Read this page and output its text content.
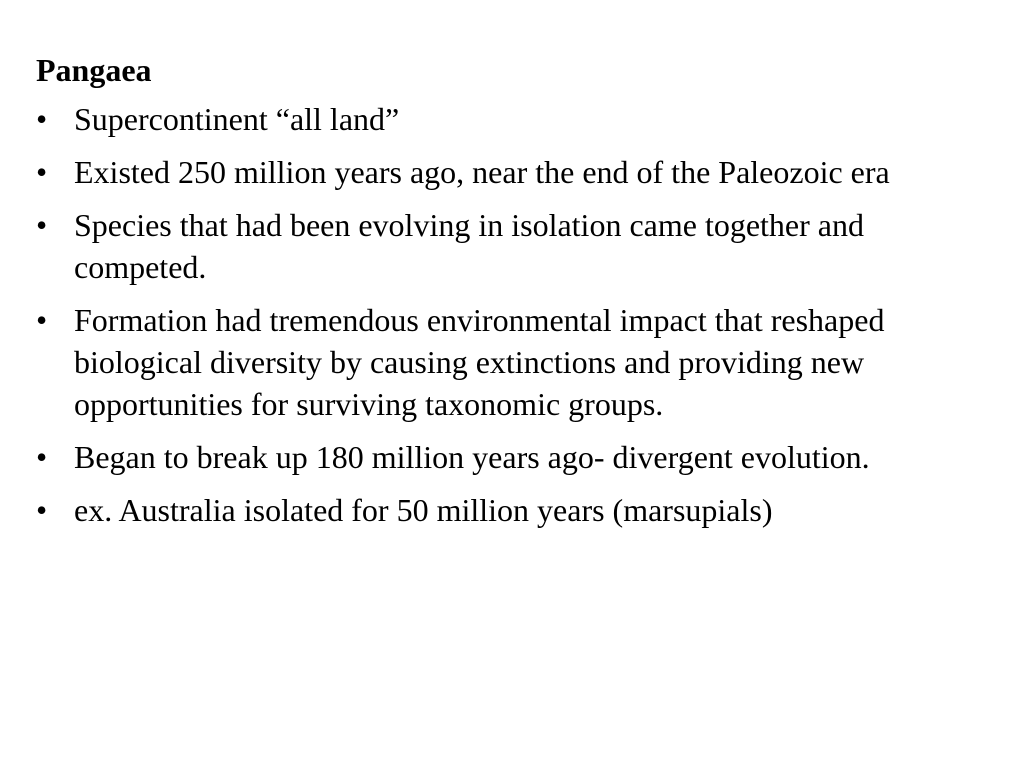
Pangaea
• Supercontinent “all land”
• Existed 250 million years ago, near the end of the Paleozoic era
• Species that had been evolving in isolation came together and competed.
• Formation had tremendous environmental impact that reshaped biological diversity by causing extinctions and providing new opportunities for surviving taxonomic groups.
• Began to break up 180 million years ago- divergent evolution.
• ex. Australia isolated for 50 million years (marsupials)
